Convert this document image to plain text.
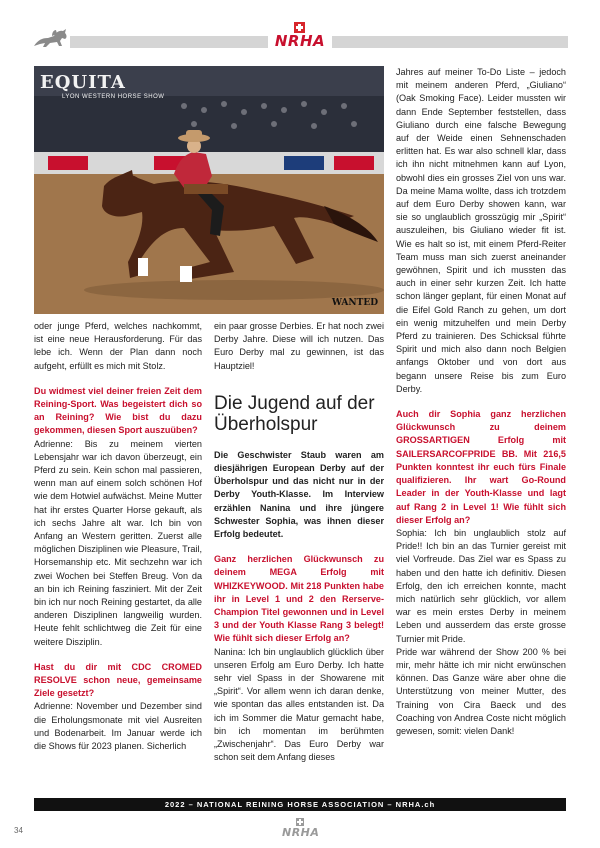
NRHA
EQUITA
LYON WESTERN HORSE SHOW
WANTED

oder junge Pferd, welches nachkommt, ist eine neue Herausforderung. Für das lebe ich. Wenn der Plan dann noch aufgeht, erfüllt es mich mit Stolz.

Du widmest viel deiner freien Zeit dem Reining-Sport. Was begeistert dich so an Reining? Wie bist du dazu gekommen, diesen Sport auszuüben?

Adrienne: Bis zu meinem vierten Lebensjahr war ich davon überzeugt, ein Pferd zu sein. Kein schon mal passieren, wenn man auf einem solch schönen Hof wie dem Hotwiel aufwächst. Meine Mutter hat ihr erstes Quarter Horse gekauft, als ich sechs Jahre alt war. Ich bin von Anfang an Western geritten. Zuerst alle möglichen Disziplinen wie Pleasure, Trail, Horsemanship etc. Mit sechzehn war ich zwei Wochen bei Steffen Breug. Von da an bin ich Reining fasziniert. Mit der Zeit bin ich nur noch Reining gestartet, da alle anderen Disziplinen langweilig wurden. Heute fehlt schlichtweg die Zeit für eine weitere Disziplin.

Hast du dir mit CDC CROMED RESOLVE schon neue, gemeinsame Ziele gesetzt?

Adrienne: November und Dezember sind die Erholungsmonate mit viel Ausreiten und Bodenarbeit. Im Januar werde ich die Shows für 2023 planen. Sicherlich

ein paar grosse Derbies. Er hat noch zwei Derby Jahre. Diese will ich nutzen. Das Euro Derby mal zu gewinnen, ist das Hauptziel!

Die Jugend auf der Überholspur

Die Geschwister Staub waren am diesjährigen European Derby auf der Überholspur und das nicht nur in der Derby Youth-Klasse. Im Interview erzählen Nanina und ihre jüngere Schwester Sophia, was ihnen dieser Erfolg bedeutet.

Ganz herzlichen Glückwunsch zu deinem MEGA Erfolg mit WHIZKEYWOOD. Mit 218 Punkten habe ihr in Level 1 und 2 den Rerserve-Champion Titel gewonnen und in Level 3 und der Youth Klasse Rang 3 belegt! Wie fühlt sich dieser Erfolg an?

Nanina: Ich bin unglaublich glücklich über unseren Erfolg am Euro Derby. Ich hatte sehr viel Spass in der Showarene mit „Spirit“. Vor allem wenn ich daran denke, wie spontan das alles entstanden ist. Da ich im Sommer die Matur gemacht habe, bin ich momentan im berühmten „Zwischenjahr“. Das Euro Derby war schon seit dem Anfang dieses

Jahres auf meiner To-Do Liste – jedoch mit meinem anderen Pferd, „Giuliano“ (Oak Smoking Face). Leider mussten wir dann Ende September feststellen, dass Giuliano durch eine falsche Bewegung auf der Weide einen Sehnenschaden erlitten hat. Es war also schnell klar, dass ich ihn nicht mitnehmen kann auf Lyon, obwohl dies ein grosses Ziel von uns war. Da meine Mama wollte, dass ich trotzdem auf dem Euro Derby showen kann, war sie so unglaublich grosszügig mir „Spirit“ auszuleihen, bis Giuliano wieder fit ist. Wie es halt so ist, mit einem Pferd-Reiter Team muss man sich zuerst aneinander gewöhnen, Spirit und ich mussten das auch in einer sehr kurzen Zeit. Ich hatte schon länger geplant, für einen Monat auf die Eifel Gold Ranch zu gehen, um dort ein wenig mitzuhelfen und mein Derby Pferd zu trainieren. Des Schicksal führte Spirit und mich also dann noch Belgien anfangs Oktober und von dort aus begann unsere Reise bis zum Euro Derby.

Auch dir Sophia ganz herzlichen Glückwunsch zu deinem GROSSARTIGEN Erfolg mit SAILERSARCOFPRIDE BB. Mit 216,5 Punkten konntest ihr euch fürs Finale qualifizieren. Ihr wart Go-Round Leader in der Youth-Klasse und lagt auf Rang 2 in Level 1! Wie fühlt sich dieser Erfolg an?

Sophia: Ich bin unglaublich stolz auf Pride!! Ich bin an das Turnier gereist mit viel Vorfreude. Das Ziel war es Spass zu haben und den hatte ich definitiv. Diesen Erfolg, den ich erreichen konnte, macht mich natürlich sehr glücklich, vor allem war es mein erstes Derby in meinem Leben und ausserdem das erste grosse Turnier mit Pride.

Pride war während der Show 200 % bei mir, mehr hätte ich mir nicht erwünschen können. Das Ganze wäre aber ohne die Unterstützung von meiner Mutter, des Training von Cira Baeck und des Coaching von Andrea Coste nicht möglich gewesen, somit: vielen Dank!

2022 – NATIONAL REINING HORSE ASSOCIATION – NRHA.ch
34	NRHA
